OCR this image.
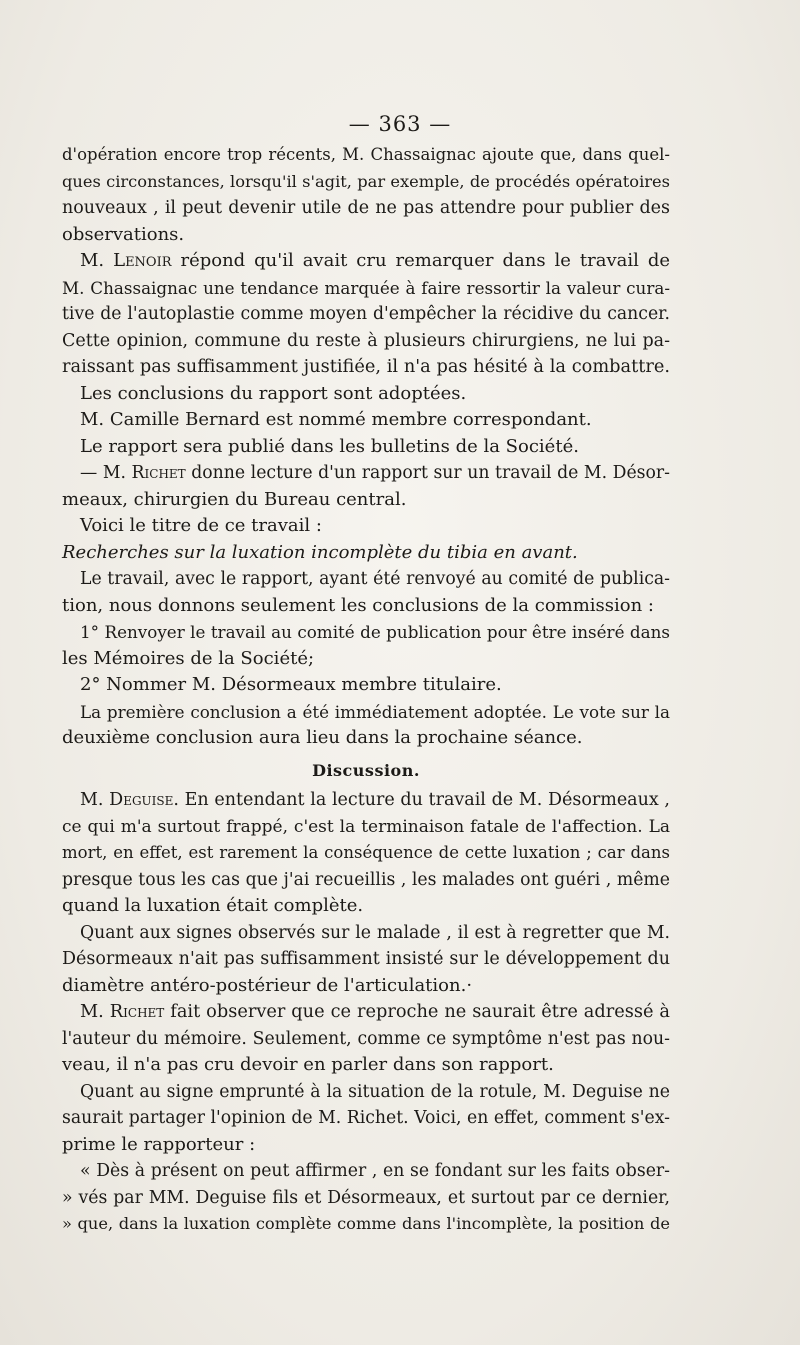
— 363 —
d'opération encore trop récents, M. Chassaignac ajoute que, dans quel-
ques circonstances, lorsqu'il s'agit, par exemple, de procédés opératoires
nouveaux , il peut devenir utile de ne pas attendre pour publier des
observations.
M. Lenoir répond qu'il avait cru remarquer dans le travail de
M. Chassaignac une tendance marquée à faire ressortir la valeur cura-
tive de l'autoplastie comme moyen d'empêcher la récidive du cancer.
Cette opinion, commune du reste à plusieurs chirurgiens, ne lui pa-
raissant pas suffisamment justifiée, il n'a pas hésité à la combattre.
Les conclusions du rapport sont adoptées.
M. Camille Bernard est nommé membre correspondant.
Le rapport sera publié dans les bulletins de la Société.
— M. Richet donne lecture d'un rapport sur un travail de M. Désor-
meaux, chirurgien du Bureau central.
Voici le titre de ce travail :
Recherches sur la luxation incomplète du tibia en avant.
Le travail, avec le rapport, ayant été renvoyé au comité de publica-
tion, nous donnons seulement les conclusions de la commission :
1° Renvoyer le travail au comité de publication pour être inséré dans
les Mémoires de la Société;
2° Nommer M. Désormeaux membre titulaire.
La première conclusion a été immédiatement adoptée. Le vote sur la
deuxième conclusion aura lieu dans la prochaine séance.
Discussion.
M. Deguise. En entendant la lecture du travail de M. Désormeaux ,
ce qui m'a surtout frappé, c'est la terminaison fatale de l'affection. La
mort, en effet, est rarement la conséquence de cette luxation ; car dans
presque tous les cas que j'ai recueillis , les malades ont guéri , même
quand la luxation était complète.
Quant aux signes observés sur le malade , il est à regretter que M.
Désormeaux n'ait pas suffisamment insisté sur le développement du
diamètre antéro-postérieur de l'articulation.·
M. Richet fait observer que ce reproche ne saurait être adressé à
l'auteur du mémoire. Seulement, comme ce symptôme n'est pas nou-
veau, il n'a pas cru devoir en parler dans son rapport.
Quant au signe emprunté à la situation de la rotule, M. Deguise ne
saurait partager l'opinion de M. Richet. Voici, en effet, comment s'ex-
prime le rapporteur :
« Dès à présent on peut affirmer , en se fondant sur les faits obser-
» vés par MM. Deguise fils et Désormeaux, et surtout par ce dernier,
» que, dans la luxation complète comme dans l'incomplète, la position de
